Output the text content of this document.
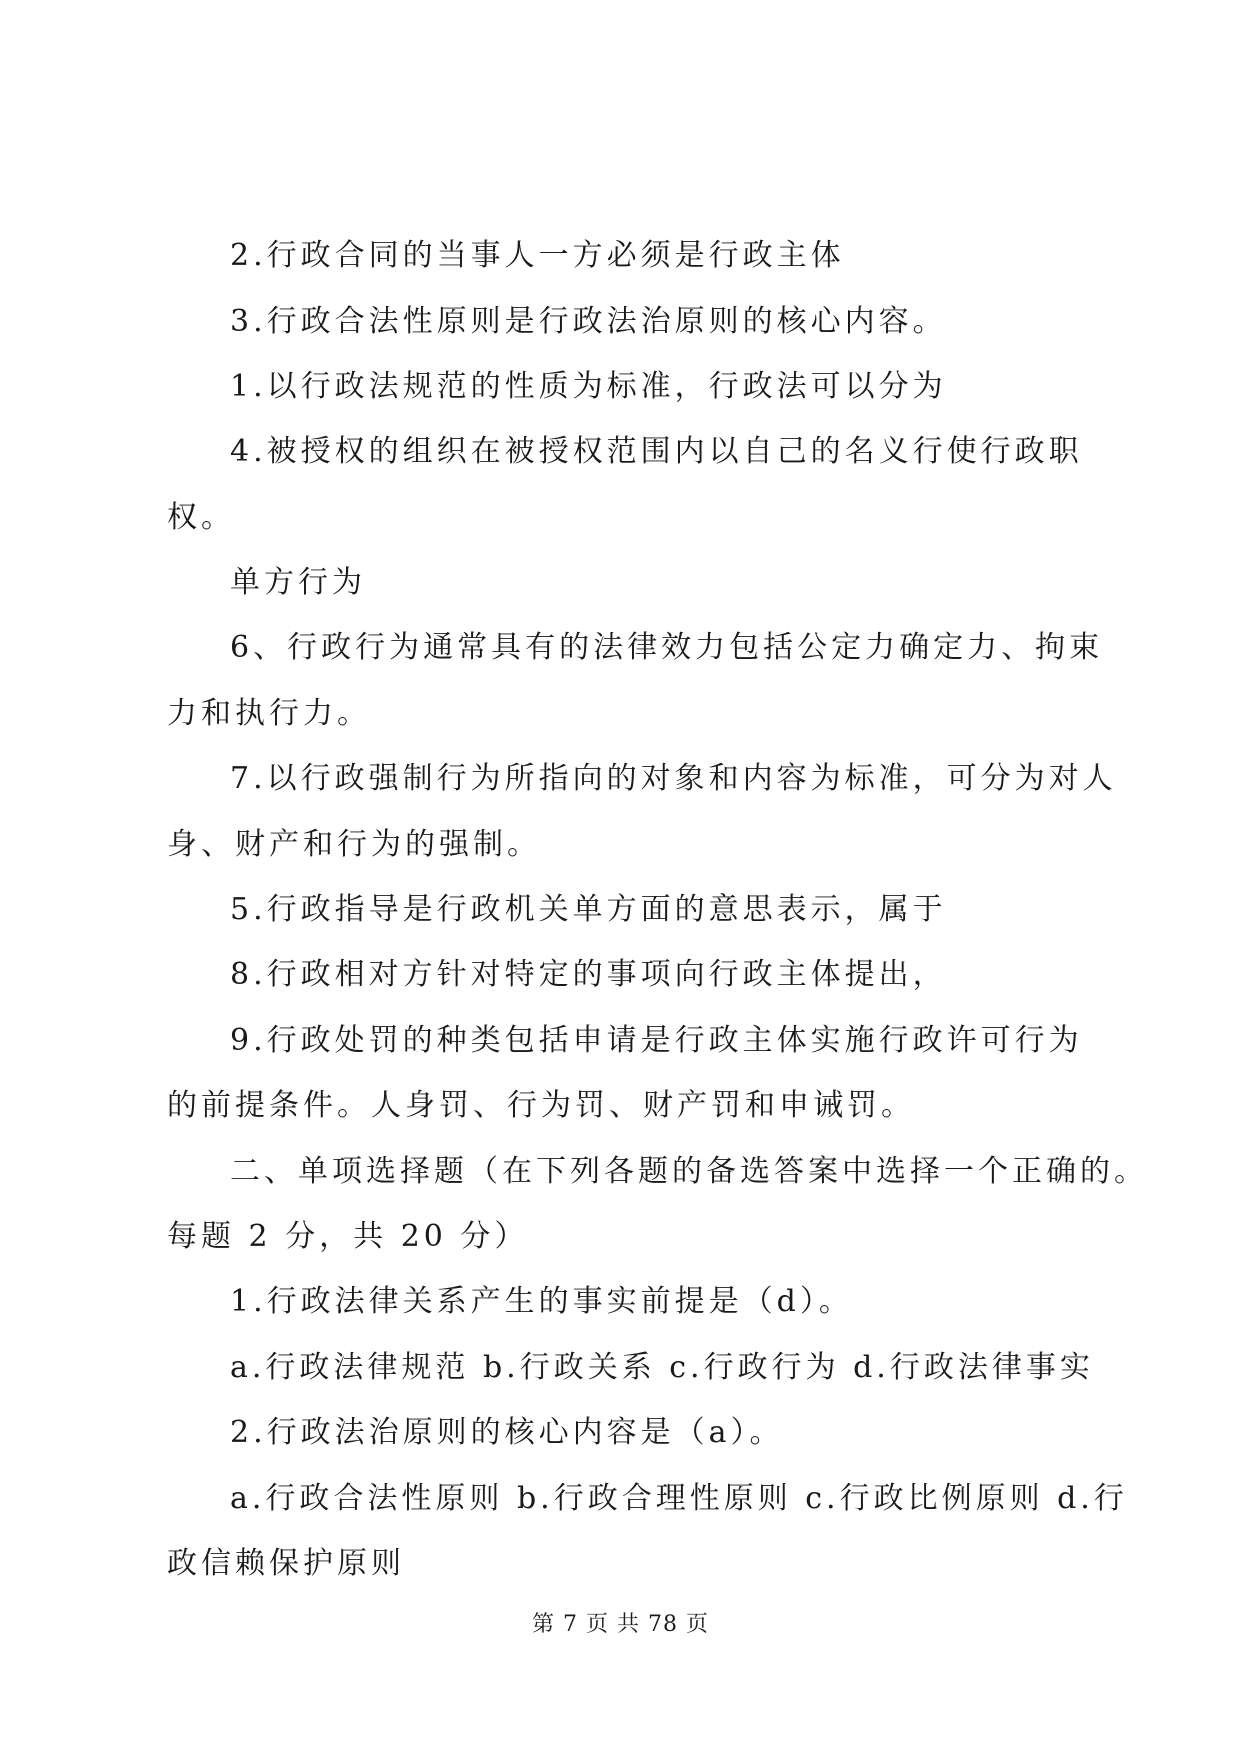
2.行政合同的当事人一方必须是行政主体
3.行政合法性原则是行政法治原则的核心内容。
1.以行政法规范的性质为标准，行政法可以分为
4.被授权的组织在被授权范围内以自己的名义行使行政职
权。
单方行为
6、行政行为通常具有的法律效力包括公定力确定力、拘束
力和执行力。
7.以行政强制行为所指向的对象和内容为标准，可分为对人
身、财产和行为的强制。
5.行政指导是行政机关单方面的意思表示，属于
8.行政相对方针对特定的事项向行政主体提出，
9.行政处罚的种类包括申请是行政主体实施行政许可行为
的前提条件。人身罚、行为罚、财产罚和申诫罚。
二、单项选择题（在下列各题的备选答案中选择一个正确的。
每题 2 分，共 20 分）
1.行政法律关系产生的事实前提是（d）。
a.行政法律规范 b.行政关系 c.行政行为 d.行政法律事实
2.行政法治原则的核心内容是（a）。
a.行政合法性原则 b.行政合理性原则 c.行政比例原则 d.行
政信赖保护原则
第 7 页 共 78 页
